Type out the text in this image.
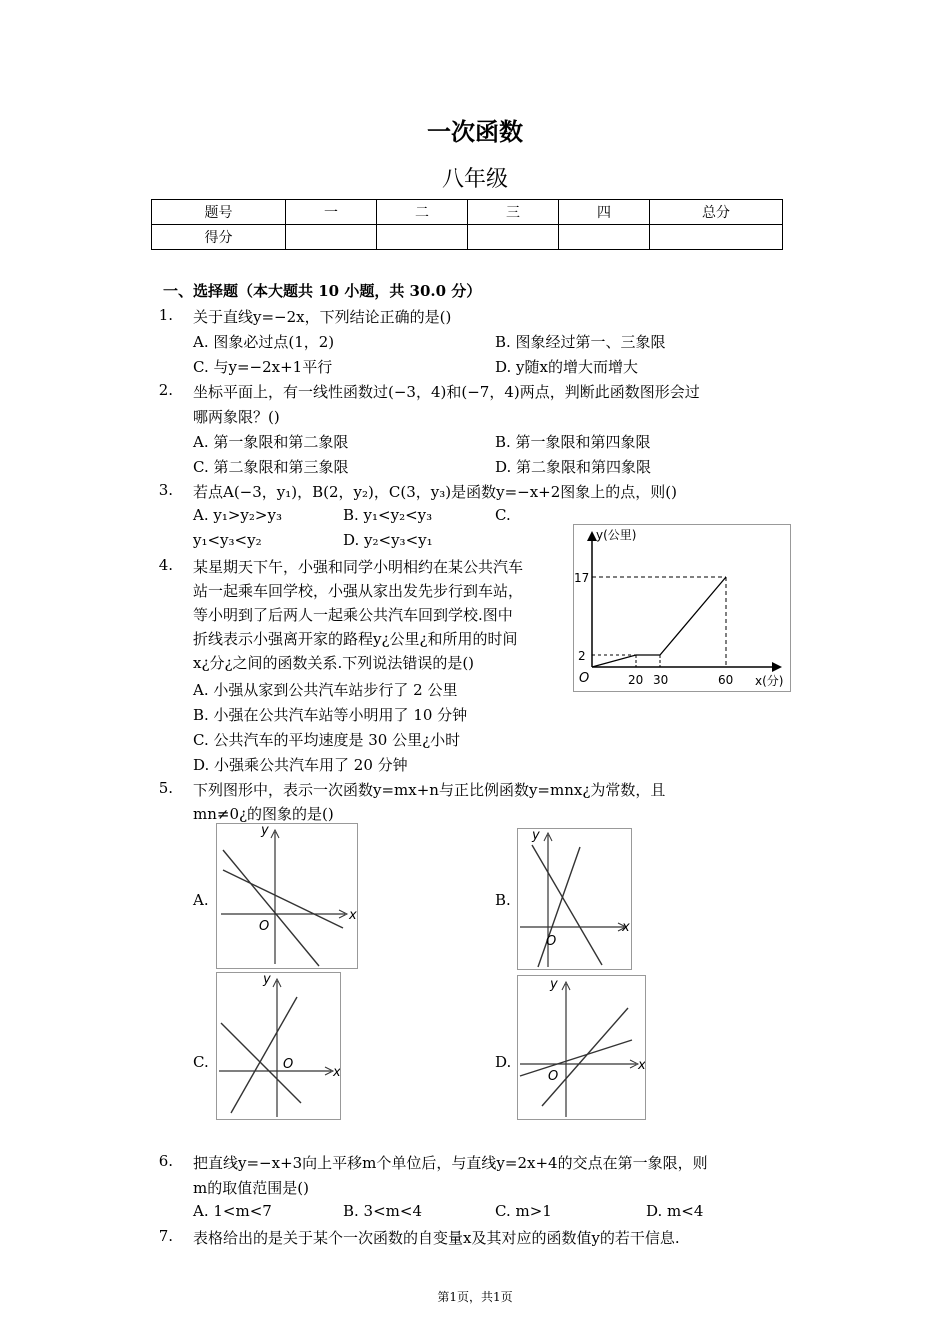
一次函数
八年级
题号	一	二	三	四	总分
得分					
一、选择题（本大题共 10 小题，共 30.0 分）
1. 关于直线y=−2x，下列结论正确的是()
A. 图象必过点(1，2)	B. 图象经过第一、三象限
C. 与y=−2x+1平行	D. y随x的增大而增大
2. 坐标平面上，有一线性函数过(−3，4)和(−7，4)两点，判断此函数图形会过
哪两象限？()
A. 第一象限和第二象限	B. 第一象限和第四象限
C. 第二象限和第三象限	D. 第二象限和第四象限
3. 若点A(−3，y₁)，B(2，y₂)，C(3，y₃)是函数y=−x+2图象上的点，则()
A. y₁>y₂>y₃	B. y₁<y₂<y₃	C.
y₁<y₃<y₂	D. y₂<y₃<y₁
4. 某星期天下午，小强和同学小明相约在某公共汽车
站一起乘车回学校，小强从家出发先步行到车站，
等小明到了后两人一起乘公共汽车回到学校.图中
折线表示小强离开家的路程y¿公里¿和所用的时间
x¿分¿之间的函数关系.下列说法错误的是()
A. 小强从家到公共汽车站步行了 2 公里
B. 小强在公共汽车站等小明用了 10 分钟
C. 公共汽车的平均速度是 30 公里¿小时
D. 小强乘公共汽车用了 20 分钟
y(公里)
x(分)
O
17
2
20 30	60
5. 下列图形中，表示一次函数y=mx+n与正比例函数y=mnx¿为常数，且
mn≠0¿的图象的是()
A.	B.
C.	D.
x
y
O	x
y
O
x
y
O	x
y
O
6. 把直线y=−x+3向上平移m个单位后，与直线y=2x+4的交点在第一象限，则
m的取值范围是()
A. 1<m<7	B. 3<m<4	C. m>1	D. m<4
7. 表格给出的是关于某个一次函数的自变量x及其对应的函数值y的若干信息.
第1页，共1页
